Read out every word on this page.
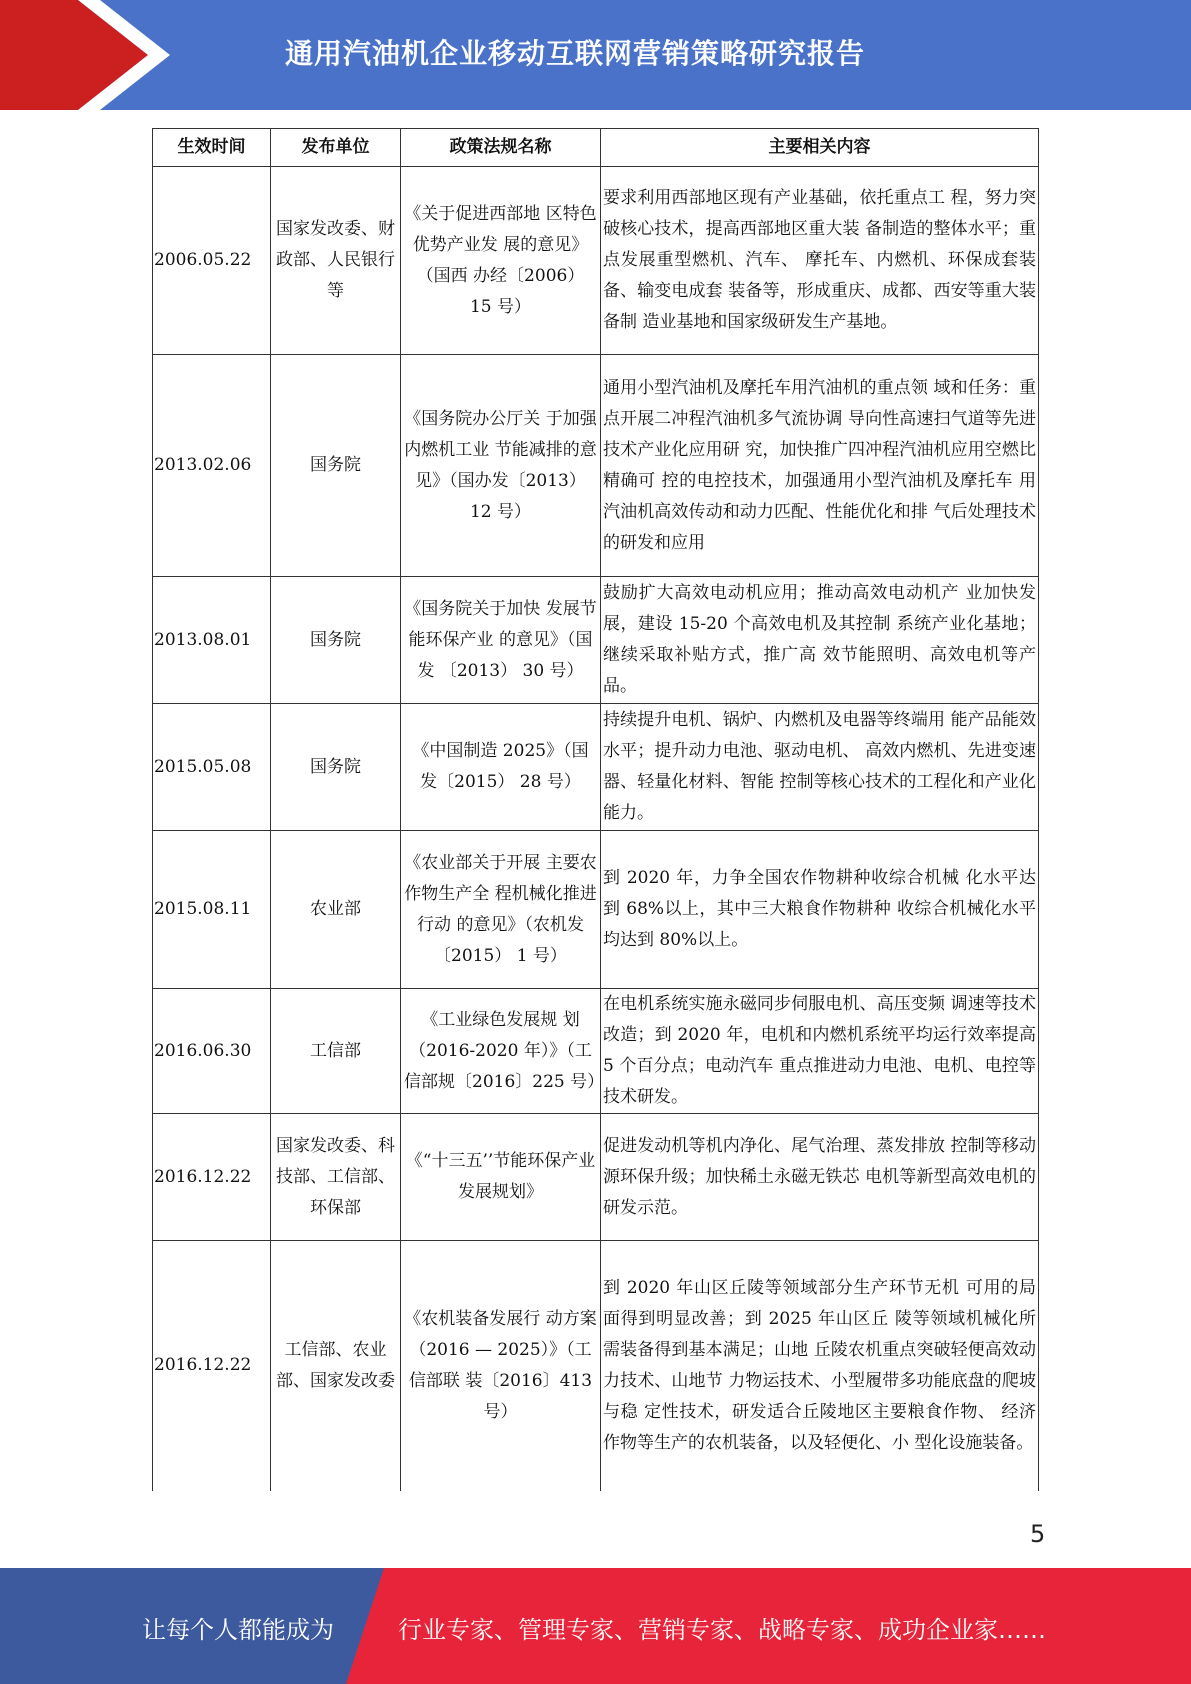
通用汽油机企业移动互联网营销策略研究报告
生效时间	发布单位	政策法规名称	主要相关内容
2006.05.22	国家发改委、财政部、人民银行等	《关于促进西部地 区特色优势产业发 展的意见》（国西 办经〔2006） 15 号）	要求利用西部地区现有产业基础，依托重点工 程，努力突破核心技术，提高西部地区重大装 备制造的整体水平；重点发展重型燃机、汽车、 摩托车、内燃机、环保成套装备、输变电成套 装备等，形成重庆、成都、西安等重大装备制 造业基地和国家级研发生产基地。
2013.02.06	国务院	《国务院办公厅关 于加强内燃机工业 节能减排的意见》（国办发〔2013） 12 号）	通用小型汽油机及摩托车用汽油机的重点领 域和任务：重点开展二冲程汽油机多气流协调 导向性高速扫气道等先进技术产业化应用研 究，加快推广四冲程汽油机应用空燃比精确可 控的电控技术，加强通用小型汽油机及摩托车 用汽油机高效传动和动力匹配、性能优化和排 气后处理技术的研发和应用
2013.08.01	国务院	《国务院关于加快 发展节能环保产业 的意见》（国发 〔2013） 30 号）	鼓励扩大高效电动机应用；推动高效电动机产 业加快发展，建设 15-20 个高效电机及其控制 系统产业化基地；继续采取补贴方式，推广高 效节能照明、高效电机等产品。
2015.05.08	国务院	《中国制造 2025》（国发〔2015） 28 号）	持续提升电机、锅炉、内燃机及电器等终端用 能产品能效水平；提升动力电池、驱动电机、 高效内燃机、先进变速器、轻量化材料、智能 控制等核心技术的工程化和产业化能力。
2015.08.11	农业部	《农业部关于开展 主要农作物生产全 程机械化推进行动 的意见》（农机发〔2015） 1 号）	到 2020 年，力争全国农作物耕种收综合机械 化水平达到 68%以上，其中三大粮食作物耕种 收综合机械化水平均达到 80%以上。
2016.06.30	工信部	《工业绿色发展规 划（2016-2020 年）》（工信部规〔2016〕225 号）	在电机系统实施永磁同步伺服电机、高压变频 调速等技术改造；到 2020 年，电机和内燃机系统平均运行效率提高 5 个百分点；电动汽车 重点推进动力电池、电机、电控等技术研发。
2016.12.22	国家发改委、科技部、工信部、环保部	《“十三五’’节能环保产业发展规划》	促进发动机等机内净化、尾气治理、蒸发排放 控制等移动源环保升级；加快稀土永磁无铁芯 电机等新型高效电机的研发示范。
2016.12.22	工信部、农业部、国家发改委	《农机装备发展行 动方案（2016 — 2025）》（工信部联 装〔2016〕413 号）	到 2020 年山区丘陵等领域部分生产环节无机 可用的局面得到明显改善；到 2025 年山区丘 陵等领域机械化所需装备得到基本满足；山地 丘陵农机重点突破轻便高效动力技术、山地节 力物运技术、小型履带多功能底盘的爬坡与稳 定性技术，研发适合丘陵地区主要粮食作物、 经济作物等生产的农机装备，以及轻便化、小 型化设施装备。
5
让每个人都能成为	行业专家、管理专家、营销专家、战略专家、成功企业家……
